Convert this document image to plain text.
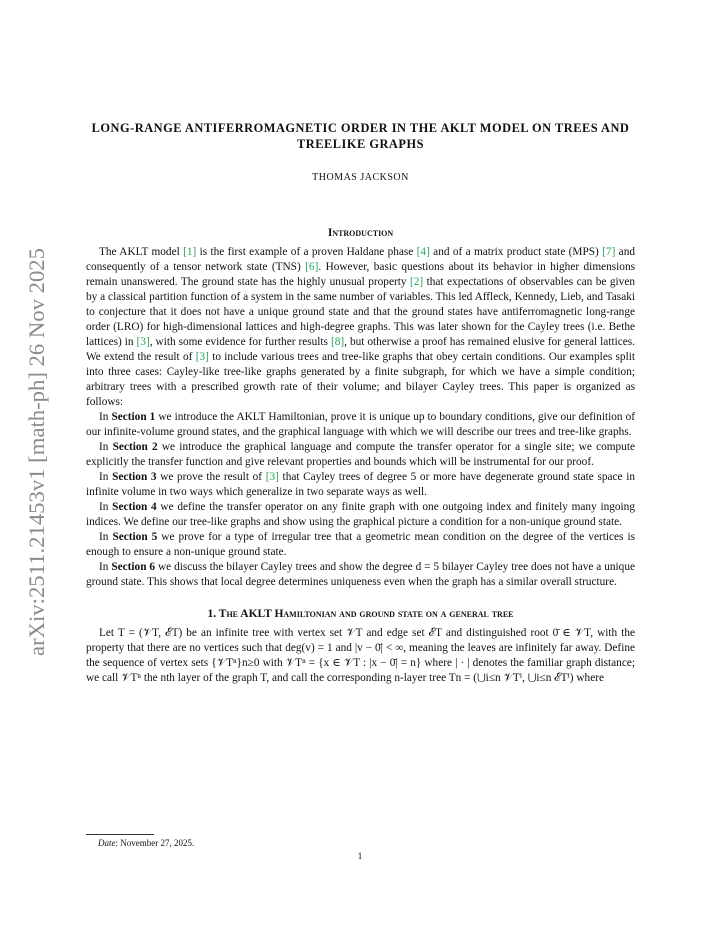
arXiv:2511.21453v1 [math-ph] 26 Nov 2025
LONG-RANGE ANTIFERROMAGNETIC ORDER IN THE AKLT MODEL ON TREES AND TREELIKE GRAPHS
THOMAS JACKSON
Introduction

The AKLT model [1] is the first example of a proven Haldane phase [4] and of a matrix product state (MPS) [7] and consequently of a tensor network state (TNS) [6]. However, basic questions about its behavior in higher dimensions remain unanswered. The ground state has the highly unusual property [2] that expectations of observables can be given by a classical partition function of a system in the same number of variables. This led Affleck, Kennedy, Lieb, and Tasaki to conjecture that it does not have a unique ground state and that the ground states have antiferromagnetic long-range order (LRO) for high-dimensional lattices and high-degree graphs. This was later shown for the Cayley trees (i.e. Bethe lattices) in [3], with some evidence for further results [8], but otherwise a proof has remained elusive for general lattices. We extend the result of [3] to include various trees and tree-like graphs that obey certain conditions. Our examples split into three cases: Cayley-like tree-like graphs generated by a finite subgraph, for which we have a simple condition; arbitrary trees with a prescribed growth rate of their volume; and bilayer Cayley trees. This paper is organized as follows:

In Section 1 we introduce the AKLT Hamiltonian, prove it is unique up to boundary conditions, give our definition of our infinite-volume ground states, and the graphical language with which we will describe our trees and tree-like graphs.

In Section 2 we introduce the graphical language and compute the transfer operator for a single site; we compute explicitly the transfer function and give relevant properties and bounds which will be instrumental for our proof.

In Section 3 we prove the result of [3] that Cayley trees of degree 5 or more have degenerate ground state space in infinite volume in two ways which generalize in two separate ways as well.

In Section 4 we define the transfer operator on any finite graph with one outgoing index and finitely many ingoing indices. We define our tree-like graphs and show using the graphical picture a condition for a non-unique ground state.

In Section 5 we prove for a type of irregular tree that a geometric mean condition on the degree of the vertices is enough to ensure a non-unique ground state.

In Section 6 we discuss the bilayer Cayley trees and show the degree d = 5 bilayer Cayley tree does not have a unique ground state. This shows that local degree determines uniqueness even when the graph has a similar overall structure.

1. The AKLT Hamiltonian and ground state on a general tree

Let T = (𝒱T, ℰT) be an infinite tree with vertex set 𝒱T and edge set ℰT and distinguished root 0̄ ∈ 𝒱T, with the property that there are no vertices such that deg(v) = 1 and |v − 0̄| < ∞, meaning the leaves are infinitely far away. Define the sequence of vertex sets {𝒱Tⁿ}n≥0 with 𝒱Tⁿ = {x ∈ 𝒱T : |x − 0̄| = n} where | · | denotes the familiar graph distance; we call 𝒱Tⁿ the nth layer of the graph T, and call the corresponding n-layer tree Tn = (⋃i≤n 𝒱Tⁱ, ⋃i≤n ℰTⁱ) where

Date: November 27, 2025.
1
